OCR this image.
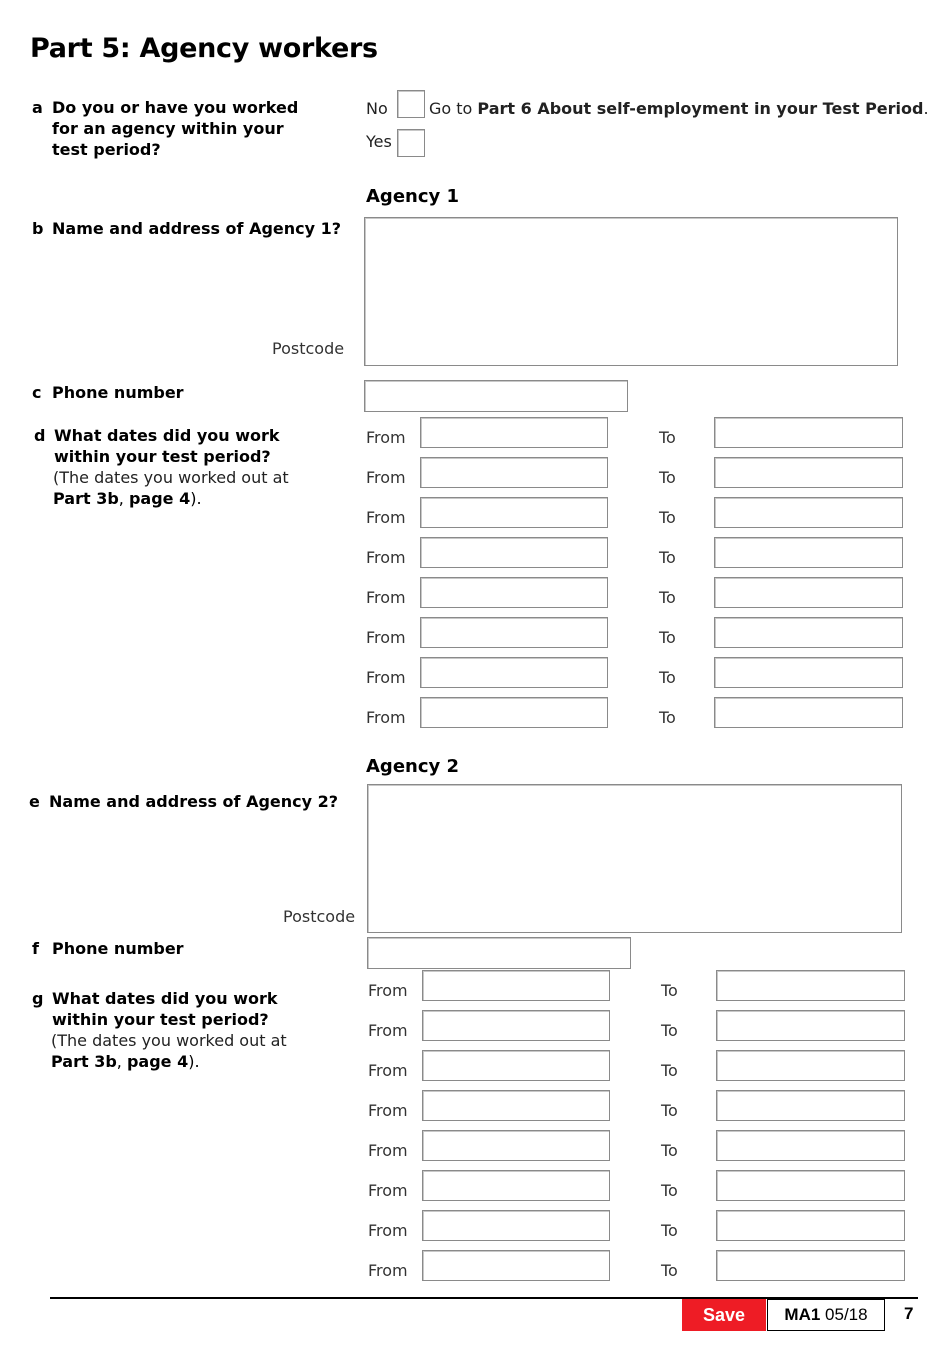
Part 5: Agency workers
a Do you or have you worked for an agency within your test period?
No	Go to Part 6 About self-employment in your Test Period.
Yes
Agency 1
b Name and address of Agency 1?
Postcode
c Phone number
d What dates did you work within your test period?
(The dates you worked out at
Part 3b, page 4).
From	To
From	To
From	To
From	To
From	To
From	To
From	To
From	To
Agency 2
e Name and address of Agency 2?
Postcode
f Phone number
g What dates did you work within your test period?
(The dates you worked out at
Part 3b, page 4).
From	To
From	To
From	To
From	To
From	To
From	To
From	To
From	To
Save	MA1 05/18	7
